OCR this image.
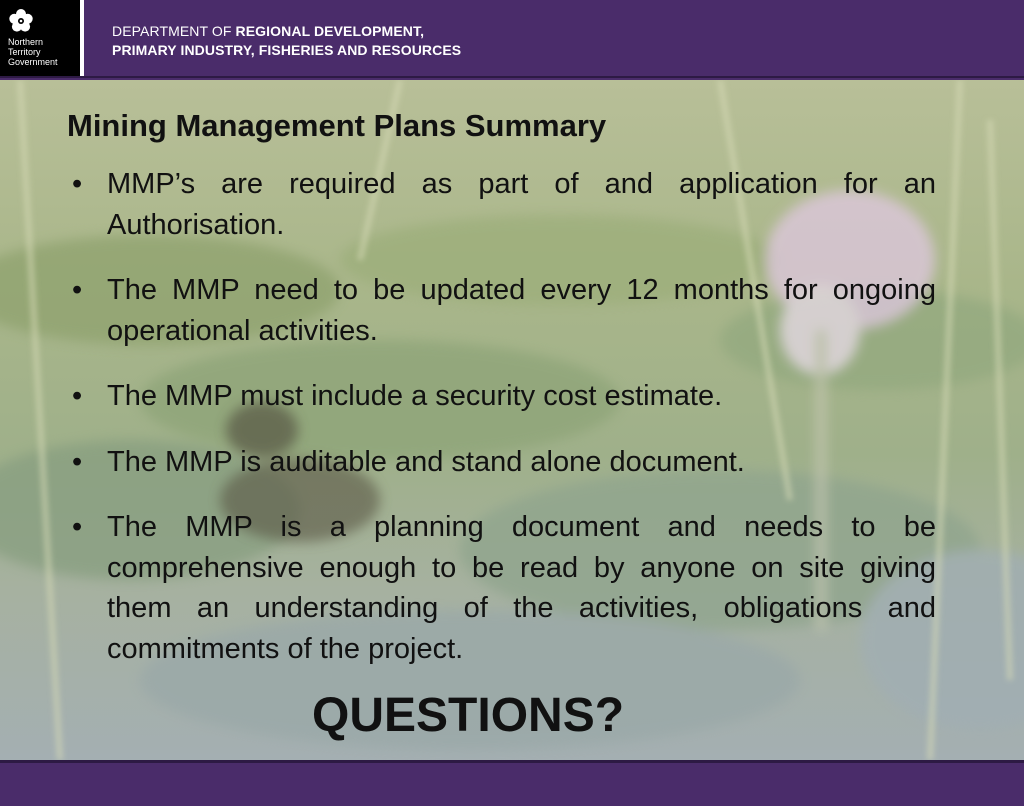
Northern
Territory
Government
DEPARTMENT OF REGIONAL DEVELOPMENT,
PRIMARY INDUSTRY, FISHERIES AND RESOURCES
Mining Management Plans Summary
• MMP’s are required as part of and application for an Authorisation.
• The MMP need to be updated every 12 months for ongoing operational activities.
• The MMP must include a security cost estimate.
• The MMP is auditable and stand alone document.
• The MMP is a planning document and needs to be comprehensive enough to be read by anyone on site giving them an understanding of the activities, obligations and commitments of the project.
QUESTIONS?
